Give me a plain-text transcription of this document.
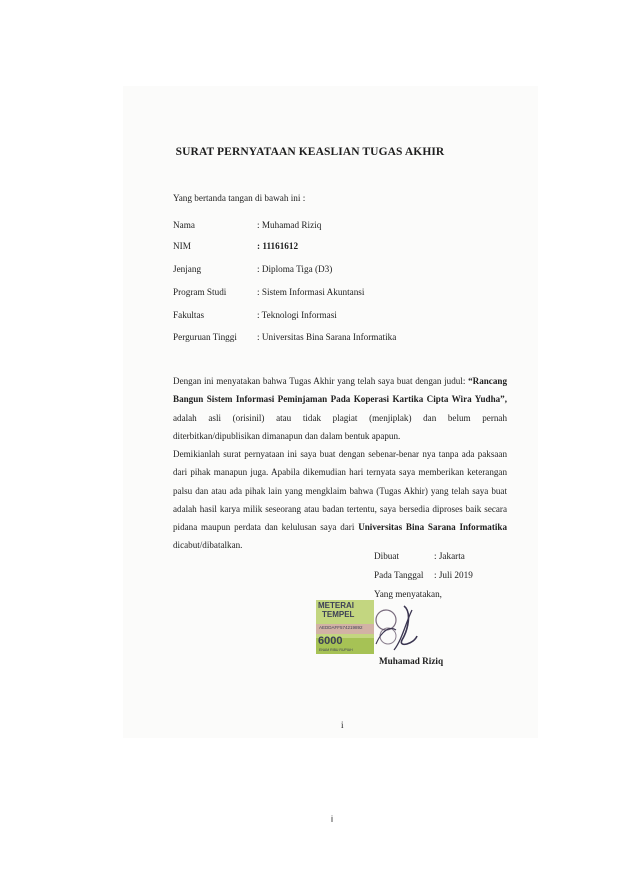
SURAT PERNYATAAN KEASLIAN TUGAS AKHIR
Yang bertanda tangan di bawah ini :
Nama	: Muhamad Riziq
NIM	: 11161612
Jenjang	: Diploma Tiga (D3)
Program Studi	: Sistem Informasi Akuntansi
Fakultas	: Teknologi Informasi
Perguruan Tinggi : Universitas Bina Sarana Informatika
Dengan ini menyatakan bahwa Tugas Akhir yang telah saya buat dengan judul: “Rancang Bangun Sistem Informasi Peminjaman Pada Koperasi Kartika Cipta Wira Yudha”, adalah asli (orisinil) atau tidak plagiat (menjiplak) dan belum pernah diterbitkan/dipublisikan dimanapun dan dalam bentuk apapun.
Demikianlah surat pernyataan ini saya buat dengan sebenar-benar nya tanpa ada paksaan dari pihak manapun juga. Apabila dikemudian hari ternyata saya memberikan keterangan palsu dan atau ada pihak lain yang mengklaim bahwa (Tugas Akhir) yang telah saya buat adalah hasil karya milik seseorang atau badan tertentu, saya bersedia diproses baik secara pidana maupun perdata dan kelulusan saya dari Universitas Bina Sarana Informatika dicabut/dibatalkan.
Dibuat	: Jakarta
Pada Tanggal : Juli 2019
Yang menyatakan,
METERAI
TEMPEL
AEDDAFF574219892
6000
ENAM RIBU RUPIAH
Muhamad Riziq
i
i
